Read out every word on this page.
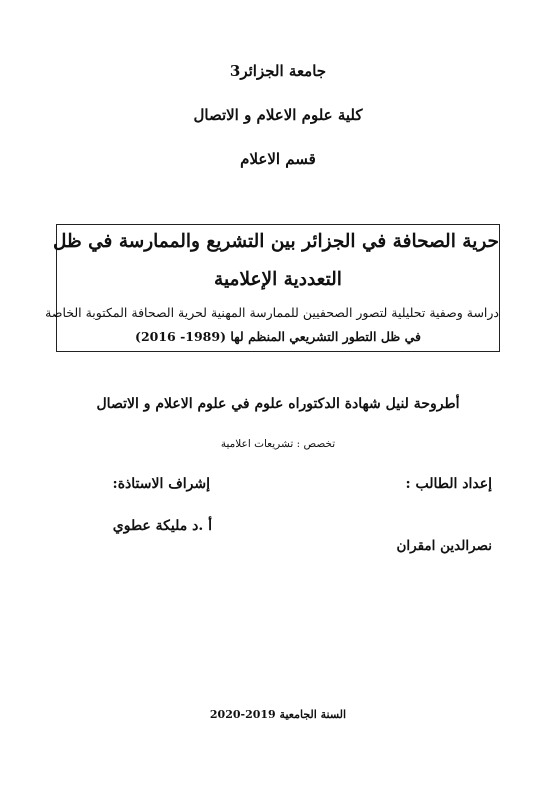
جامعة الجزائر3
كلية علوم الاعلام و الاتصال
قسم الاعلام
حرية الصحافة في الجزائر بين التشريع والممارسة في ظل
التعددية الإعلامية
دراسة وصفية تحليلية لتصور الصحفيين للممارسة المهنية لحرية الصحافة المكتوبة الخاصة
في ظل التطور التشريعي المنظم لها (1989- 2016)
أطروحة لنيل شهادة الدكتوراه علوم في علوم الاعلام و الاتصال
تخصص : تشريعات اعلامية
إعداد الطالب :
إشراف الاستاذة:
نصرالدين امقران
أ .د مليكة عطوي
السنة الجامعية 2019-2020
